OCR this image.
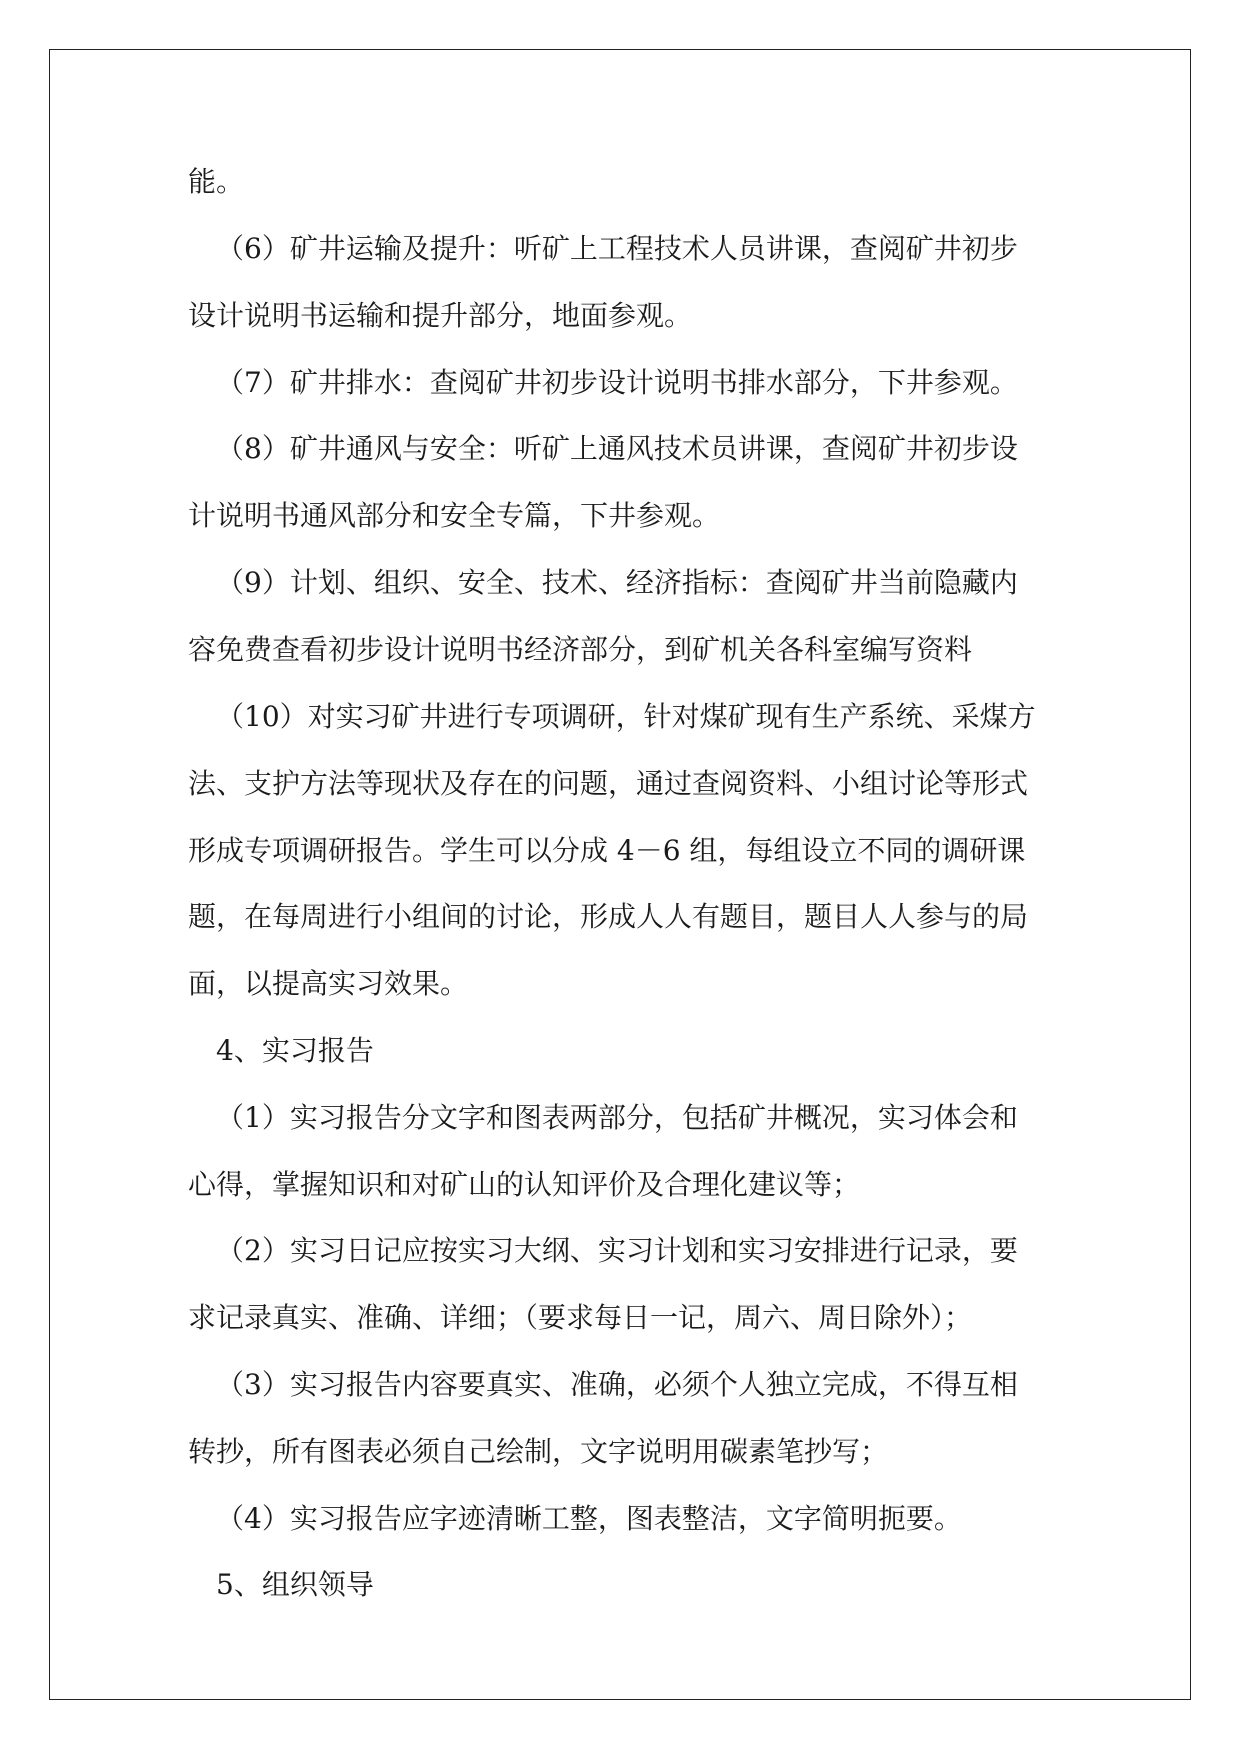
能。
（6）矿井运输及提升：听矿上工程技术人员讲课，查阅矿井初步
设计说明书运输和提升部分，地面参观。
（7）矿井排水：查阅矿井初步设计说明书排水部分，下井参观。
（8）矿井通风与安全：听矿上通风技术员讲课，查阅矿井初步设
计说明书通风部分和安全专篇，下井参观。
（9）计划、组织、安全、技术、经济指标：查阅矿井当前隐藏内
容免费查看初步设计说明书经济部分，到矿机关各科室编写资料
（10）对实习矿井进行专项调研，针对煤矿现有生产系统、采煤方
法、支护方法等现状及存在的问题，通过查阅资料、小组讨论等形式
形成专项调研报告。学生可以分成 4－6 组，每组设立不同的调研课
题，在每周进行小组间的讨论，形成人人有题目，题目人人参与的局
面，以提高实习效果。
4、实习报告
（1）实习报告分文字和图表两部分，包括矿井概况，实习体会和
心得，掌握知识和对矿山的认知评价及合理化建议等；
（2）实习日记应按实习大纲、实习计划和实习安排进行记录，要
求记录真实、准确、详细；（要求每日一记，周六、周日除外）；
（3）实习报告内容要真实、准确，必须个人独立完成，不得互相
转抄，所有图表必须自己绘制，文字说明用碳素笔抄写；
（4）实习报告应字迹清晰工整，图表整洁，文字简明扼要。
5、组织领导
